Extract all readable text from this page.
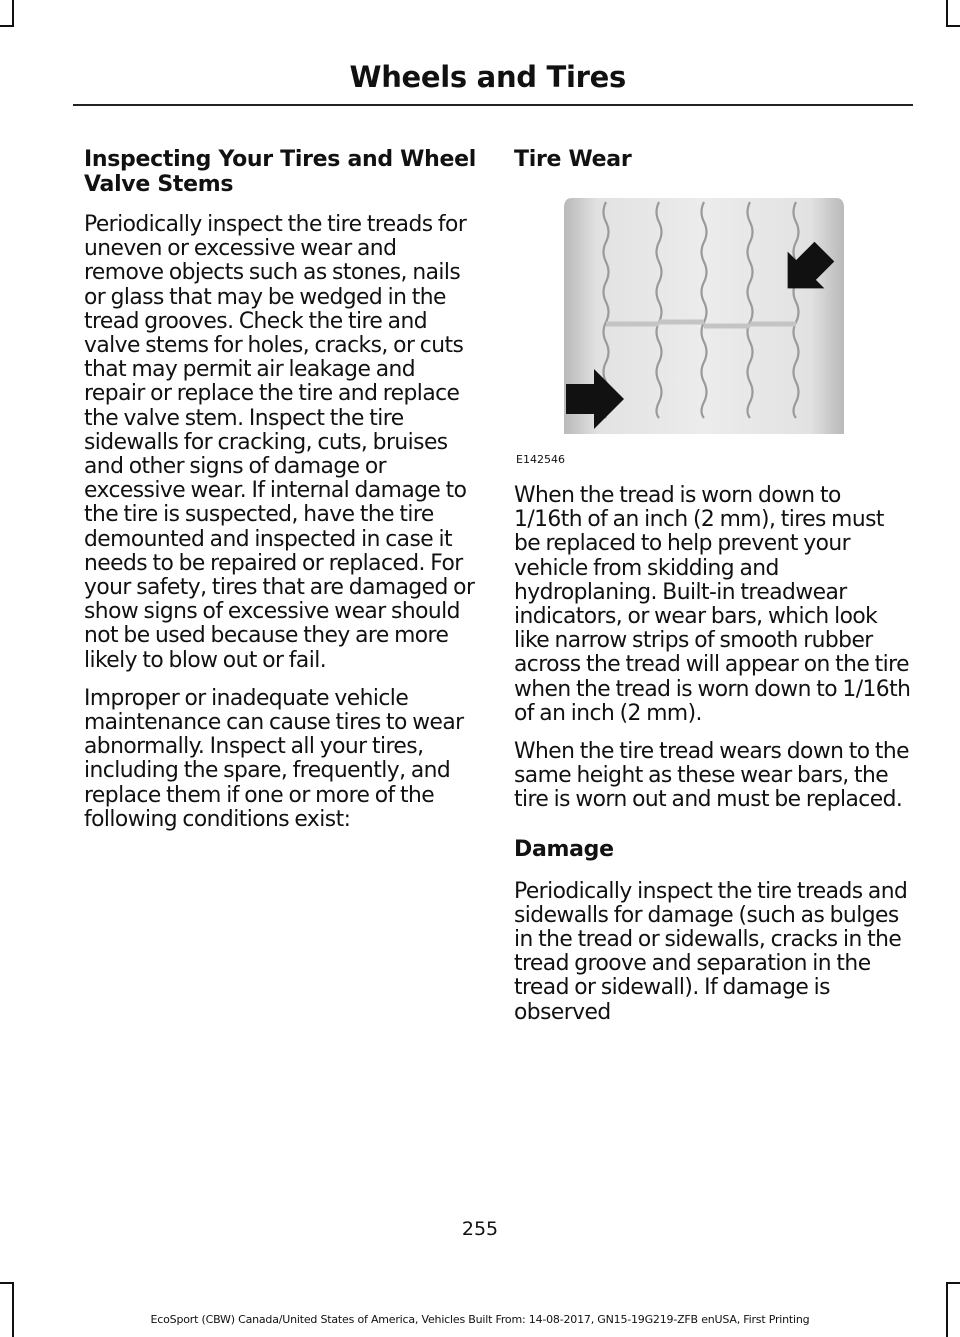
Wheels and Tires
Inspecting Your Tires and Wheel Valve Stems

Periodically inspect the tire treads for uneven or excessive wear and remove objects such as stones, nails or glass that may be wedged in the tread grooves. Check the tire and valve stems for holes, cracks, or cuts that may permit air leakage and repair or replace the tire and replace the valve stem. Inspect the tire sidewalls for cracking, cuts, bruises and other signs of damage or excessive wear. If internal damage to the tire is suspected, have the tire demounted and inspected in case it needs to be repaired or replaced. For your safety, tires that are damaged or show signs of excessive wear should not be used because they are more likely to blow out or fail.

Improper or inadequate vehicle maintenance can cause tires to wear abnormally. Inspect all your tires, including the spare, frequently, and replace them if one or more of the following conditions exist:

Tire Wear
E142546

When the tread is worn down to 1/16th of an inch (2 mm), tires must be replaced to help prevent your vehicle from skidding and hydroplaning. Built-in treadwear indicators, or wear bars, which look like narrow strips of smooth rubber across the tread will appear on the tire when the tread is worn down to 1/16th of an inch (2 mm).

When the tire tread wears down to the same height as these wear bars, the tire is worn out and must be replaced.

Damage

Periodically inspect the tire treads and sidewalls for damage (such as bulges in the tread or sidewalls, cracks in the tread groove and separation in the tread or sidewall). If damage is observed

255
EcoSport (CBW) Canada/United States of America, Vehicles Built From: 14-08-2017, GN15-19G219-ZFB enUSA, First Printing
